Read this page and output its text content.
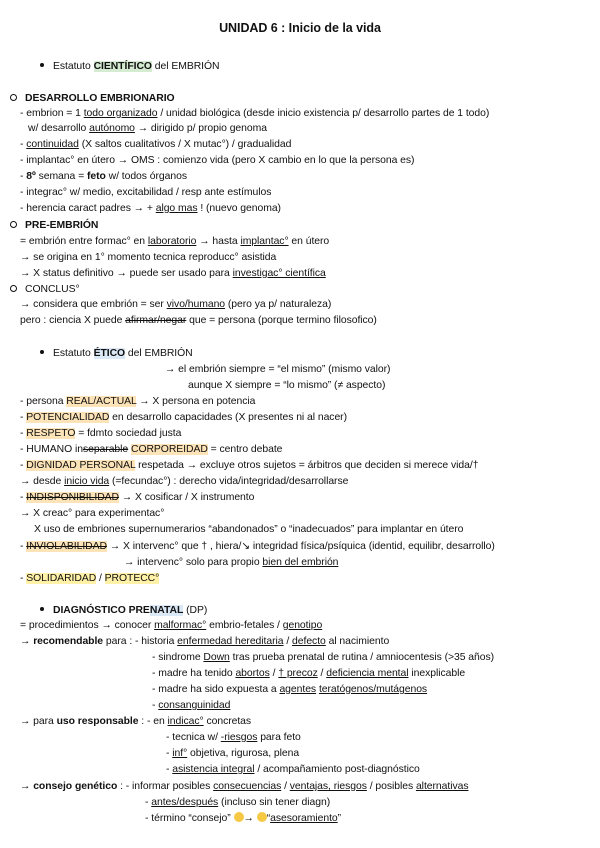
UNIDAD 6 : Inicio de la vida
Estatuto CIENTÍFICO del EMBRIÓN
DESARROLLO EMBRIONARIO
- embrion = 1 todo organizado / unidad biológica (desde inicio existencia p/ desarrollo partes de 1 todo)
w/ desarrollo autónomo → dirigido p/ propio genoma
- continuidad (X saltos cualitativos / X mutac°) / gradualidad
- implantac° en útero → OMS : comienzo vida (pero X cambio en lo que la persona es)
- 8º semana = feto w/ todos órganos
- integrac° w/ medio, excitabilidad / resp ante estímulos
- herencia caract padres → + algo mas ! (nuevo genoma)
PRE-EMBRIÓN
= embrión entre formac° en laboratorio → hasta implantac° en útero
→ se origina en 1° momento tecnica reproducc° asistida
→ X status definitivo → puede ser usado para investigac° científica
CONCLUS°
→ considera que embrión = ser vivo/humano (pero ya p/ naturaleza)
pero : ciencia X puede afirmar/negar que = persona (porque termino filosofico)
Estatuto ÉTICO del EMBRIÓN
→ el embrión siempre = “el mismo” (mismo valor)
aunque X siempre = “lo mismo” (≠ aspecto)
- persona REAL/ACTUAL → X persona en potencia
- POTENCIALIDAD en desarrollo capacidades (X presentes ni al nacer)
- RESPETO = fdmto sociedad justa
- HUMANO inseparable CORPOREIDAD = centro debate
- DIGNIDAD PERSONAL respetada → excluye otros sujetos = árbitros que deciden si merece vida/†
→ desde inicio vida (=fecundac°) : derecho vida/integridad/desarrollarse
- INDISPONIBILIDAD → X cosificar / X instrumento
→ X creac° para experimentac°
X uso de embriones supernumerarios “abandonados” o “inadecuados” para implantar en útero
- INVIOLABILIDAD → X intervenc° que † , hiera/↘ integridad física/psíquica (identid, equilibr, desarrollo)
→ intervenc° solo para propio bien del embrión
- SOLIDARIDAD / PROTECC°
DIAGNÓSTICO PRENATAL (DP)
= procedimientos → conocer malformac° embrio-fetales / genotipo
→ recomendable para : - historia enfermedad hereditaria / defecto al nacimiento
- sindrome Down tras prueba prenatal de rutina / amniocentesis (>35 años)
- madre ha tenido abortos / † precoz / deficiencia mental inexplicable
- madre ha sido expuesta a agentes teratógenos/mutágenos
- consanguinidad
→ para uso responsable : - en indicac° concretas
- tecnica w/ -riesgos para feto
- inf° objetiva, rigurosa, plena
- asistencia integral / acompañamiento post-diagnóstico
→ consejo genético : - informar posibles consecuencias / ventajas, riesgos / posibles alternativas
- antes/después (incluso sin tener diagn)
- término “consejo” → “asesoramiento”
